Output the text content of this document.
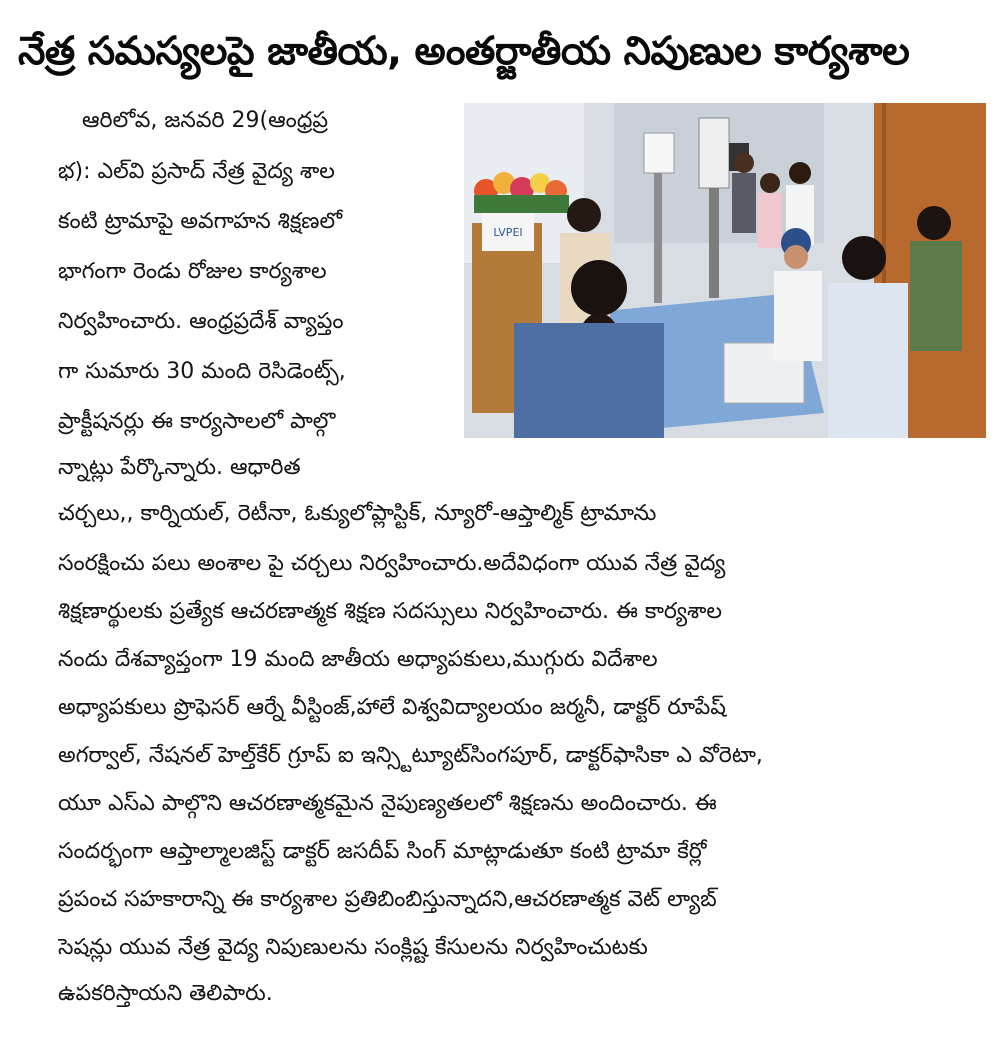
నేత్ర సమస్యలపై జాతీయ, అంతర్జాతీయ నిపుణుల కార్యశాల
LVPEI

ఆరిలోవ, జనవరి 29(ఆంధ్రప్ర

భ): ఎల్‌వి ప్రసాద్‌ నేత్ర వైద్య శాల

కంటి ట్రామాపై అవగాహన శిక్షణలో

భాగంగా రెండు రోజుల కార్యశాల

నిర్వహించారు. ఆంధ్రప్రదేశ్‌ వ్యాప్తం

గా సుమారు 30 మంది రెసిడెంట్స్‌,

ప్రాక్టీషనర్లు ఈ కార్యసాలలో పాల్గొ

న్నాట్లు పేర్కొన్నారు. ఆధారిత

చర్చలు,, కార్నియల్‌, రెటీనా, ఓక్యులోప్లాస్టిక్‌, న్యూరో-ఆప్తాల్మిక్‌ ట్రామాను

సంరక్షించు పలు అంశాల పై చర్చలు నిర్వహించారు.అదేవిధంగా యువ నేత్ర వైద్య

శిక్షణార్థులకు ప్రత్యేక ఆచరణాత్మక శిక్షణ సదస్సులు నిర్వహించారు. ఈ కార్యశాల

నందు దేశవ్యాప్తంగా 19 మంది జాతీయ అధ్యాపకులు,ముగ్గురు విదేశాల

అధ్యాపకులు ప్రొఫెసర్‌ ఆర్నే వీస్టింజ్‌,హాలే విశ్వవిద్యాలయం జర్మనీ, డాక్టర్‌ రూపేష్‌

అగర్వాల్‌, నేషనల్‌ హెల్త్‌కేర్‌ గ్రూప్‌ ఐ ఇన్స్టిట్యూట్‌సింగపూర్‌, డాక్టర్‌ఫాసికా ఎ వోరెటా,

యూ ఎస్‌ఎ పాల్గొని ఆచరణాత్మకమైన నైపుణ్యతలలో శిక్షణను అందించారు. ఈ

సందర్భంగా ఆప్తాల్మాలజిస్ట్‌ డాక్టర్‌ జసదీప్‌ సింగ్‌ మాట్లాడుతూ కంటి ట్రామా కేర్లో

ప్రపంచ సహకారాన్ని ఈ కార్యశాల ప్రతిబింబిస్తున్నాదని,ఆచరణాత్మక వెట్‌ ల్యాబ్‌

సెషన్లు యువ నేత్ర వైద్య నిపుణులను సంక్లిష్ట కేసులను నిర్వహించుటకు

ఉపకరిస్తాయని తెలిపారు.
